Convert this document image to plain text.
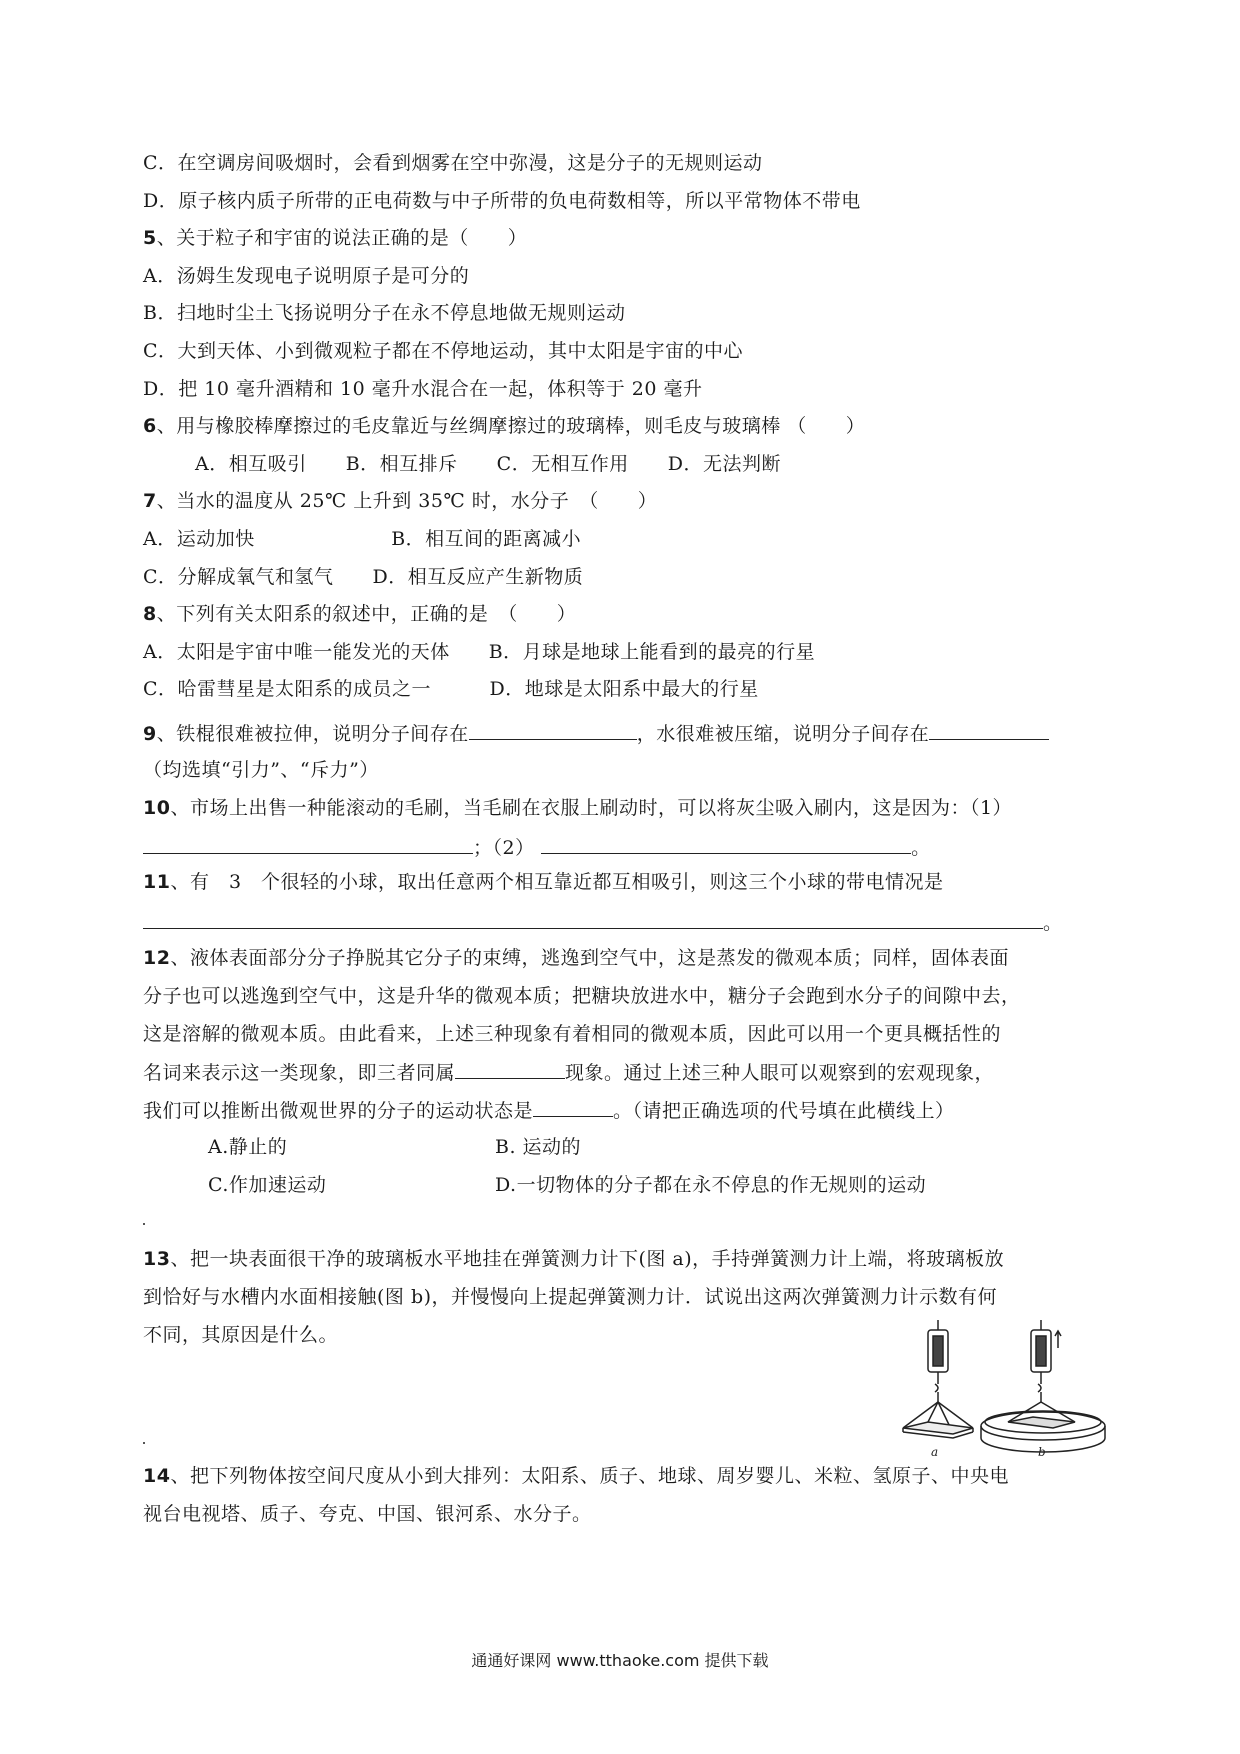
C．在空调房间吸烟时，会看到烟雾在空中弥漫，这是分子的无规则运动
D．原子核内质子所带的正电荷数与中子所带的负电荷数相等，所以平常物体不带电
5、关于粒子和宇宙的说法正确的是（　　）
A．汤姆生发现电子说明原子是可分的
B．扫地时尘土飞扬说明分子在永不停息地做无规则运动
C．大到天体、小到微观粒子都在不停地运动，其中太阳是宇宙的中心
D．把 10 毫升酒精和 10 毫升水混合在一起，体积等于 20 毫升
6、用与橡胶棒摩擦过的毛皮靠近与丝绸摩擦过的玻璃棒，则毛皮与玻璃棒 （　　）
A．相互吸引　　B．相互排斥　　C．无相互作用　　D．无法判断
7、当水的温度从 25℃ 上升到 35℃ 时，水分子　（　　）
A．运动加快　　　　　　　B．相互间的距离减小
C．分解成氧气和氢气　　D．相互反应产生新物质
8、下列有关太阳系的叙述中，正确的是　（　　）
A．太阳是宇宙中唯一能发光的天体　　B．月球是地球上能看到的最亮的行星
C．哈雷彗星是太阳系的成员之一　　　D．地球是太阳系中最大的行星
9、铁棍很难被拉伸，说明分子间存在	，水很难被压缩，说明分子间存在
（均选填“引力”、“斥力”）
10、市场上出售一种能滚动的毛刷，当毛刷在衣服上刷动时，可以将灰尘吸入刷内，这是因为：（1）
；（2）	。
11、有　3　个很轻的小球，取出任意两个相互靠近都互相吸引，则这三个小球的带电情况是
。
12、液体表面部分分子挣脱其它分子的束缚，逃逸到空气中，这是蒸发的微观本质；同样，固体表面
分子也可以逃逸到空气中，这是升华的微观本质；把糖块放进水中，糖分子会跑到水分子的间隙中去，
这是溶解的微观本质。由此看来，上述三种现象有着相同的微观本质，因此可以用一个更具概括性的
名词来表示这一类现象，即三者同属	现象。通过上述三种人眼可以观察到的宏观现象，
我们可以推断出微观世界的分子的运动状态是	。（请把正确选项的代号填在此横线上）
A.静止的	B. 运动的
C.作加速运动	D.一切物体的分子都在永不停息的作无规则的运动
13、把一块表面很干净的玻璃板水平地挂在弹簧测力计下(图 a)，手持弹簧测力计上端，将玻璃板放
到恰好与水槽内水面相接触(图 b)，并慢慢向上提起弹簧测力计．试说出这两次弹簧测力计示数有何
不同，其原因是什么。
a	b
14、把下列物体按空间尺度从小到大排列：太阳系、质子、地球、周岁婴儿、米粒、氢原子、中央电
视台电视塔、质子、夸克、中国、银河系、水分子。
通通好课网 www.tthaoke.com 提供下载
